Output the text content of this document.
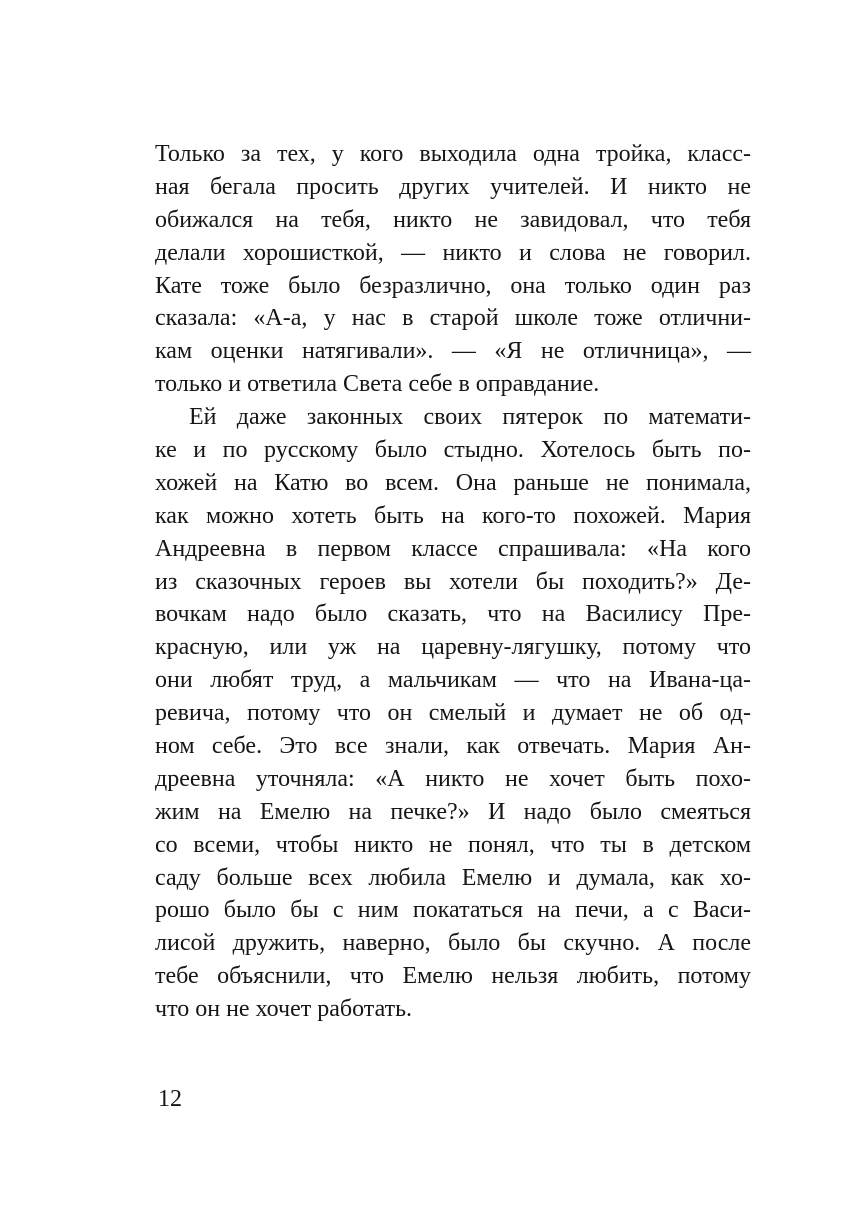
Только за тех, у кого выходила одна тройка, класс-
ная бегала просить других учителей. И никто не
обижался на тебя, никто не завидовал, что тебя
делали хорошисткой, — никто и слова не говорил.
Кате тоже было безразлично, она только один раз
сказала: «А-а, у нас в старой школе тоже отлични-
кам оценки натягивали». — «Я не отличница», —
только и ответила Света себе в оправдание.
Ей даже законных своих пятерок по математи-
ке и по русскому было стыдно. Хотелось быть по-
хожей на Катю во всем. Она раньше не понимала,
как можно хотеть быть на кого-то похожей. Мария
Андреевна в первом классе спрашивала: «На кого
из сказочных героев вы хотели бы походить?» Де-
вочкам надо было сказать, что на Василису Пре-
красную, или уж на царевну-лягушку, потому что
они любят труд, а мальчикам — что на Ивана-ца-
ревича, потому что он смелый и думает не об од-
ном себе. Это все знали, как отвечать. Мария Ан-
дреевна уточняла: «А никто не хочет быть похо-
жим на Емелю на печке?» И надо было смеяться
со всеми, чтобы никто не понял, что ты в детском
саду больше всех любила Емелю и думала, как хо-
рошо было бы с ним покататься на печи, а с Васи-
лисой дружить, наверно, было бы скучно. А после
тебе объяснили, что Емелю нельзя любить, потому
что он не хочет работать.
12
